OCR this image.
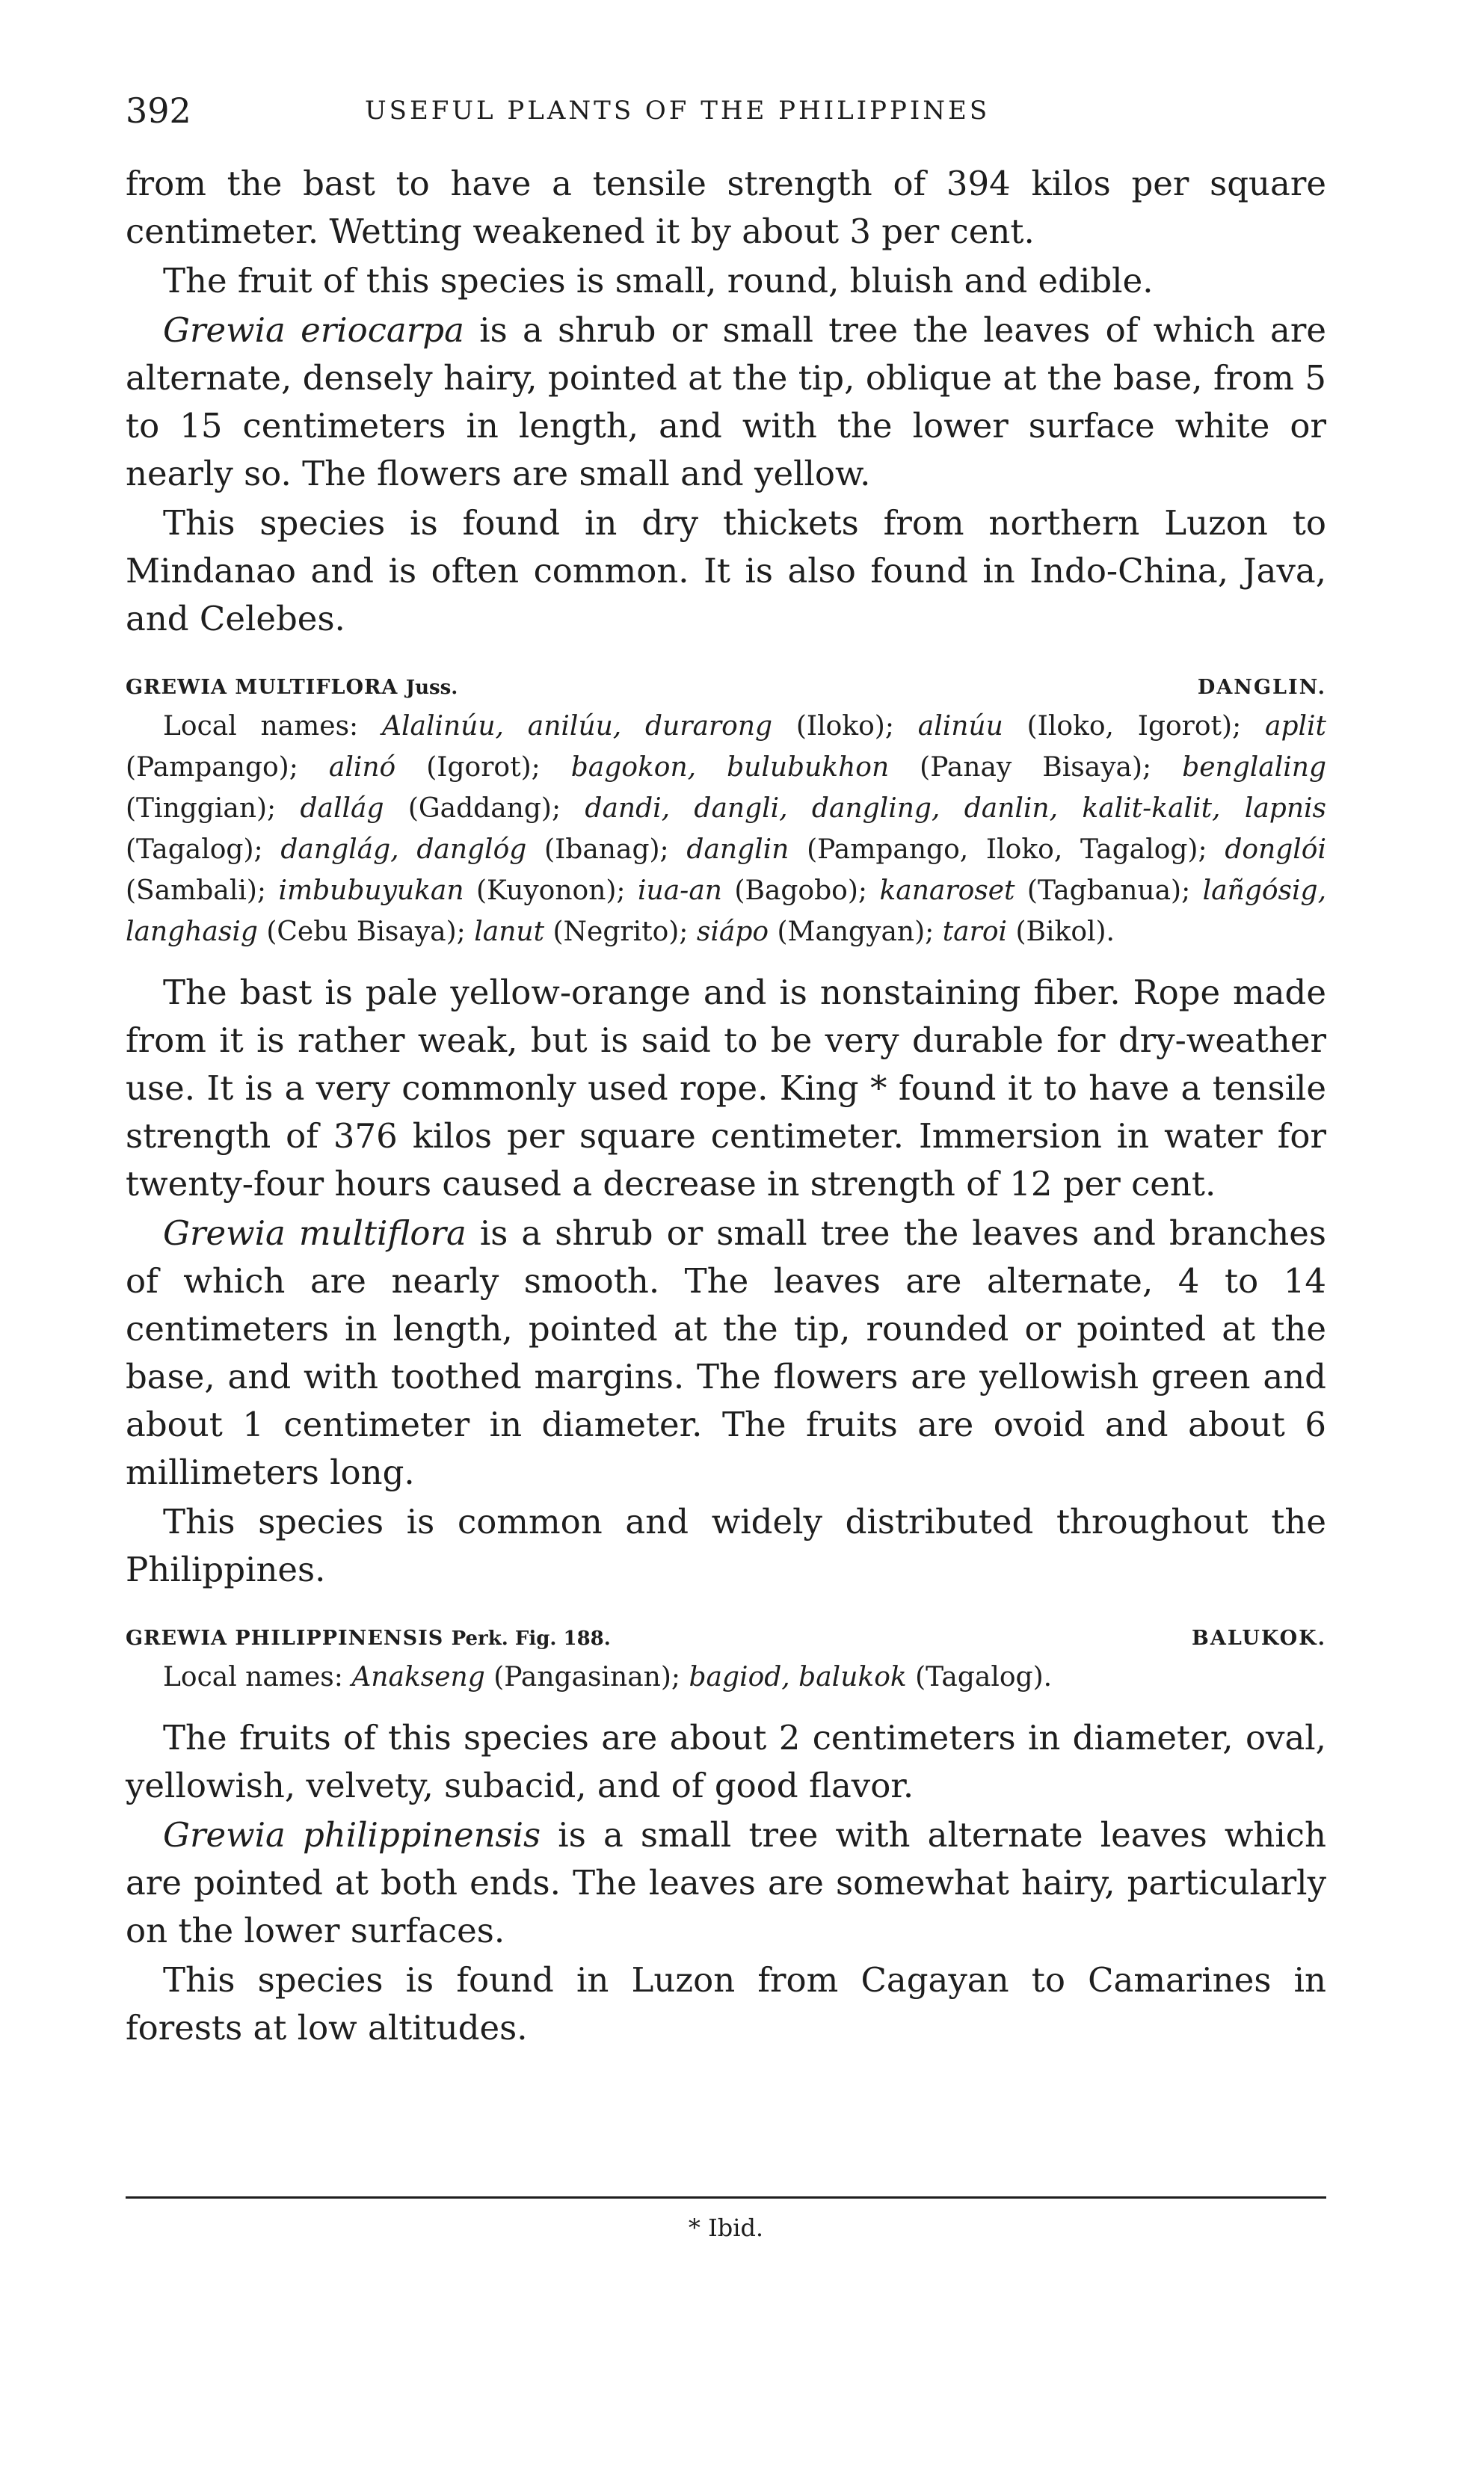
392	USEFUL PLANTS OF THE PHILIPPINES

from the bast to have a tensile strength of 394 kilos per square centimeter. Wetting weakened it by about 3 per cent.

The fruit of this species is small, round, bluish and edible.

Grewia eriocarpa is a shrub or small tree the leaves of which are alternate, densely hairy, pointed at the tip, oblique at the base, from 5 to 15 centimeters in length, and with the lower surface white or nearly so. The flowers are small and yellow.

This species is found in dry thickets from northern Luzon to Mindanao and is often common. It is also found in Indo-China, Java, and Celebes.

GREWIA MULTIFLORA Juss.	DANGLIN.

Local names: Alalinúu, anilúu, durarong (Iloko); alinúu (Iloko, Igorot); aplit (Pampango); alinó (Igorot); bagokon, bulubukhon (Panay Bisaya); benglaling (Tinggian); dallág (Gaddang); dandi, dangli, dangling, danlin, kalit-kalit, lapnis (Tagalog); danglág, danglóg (Ibanag); danglin (Pampango, Iloko, Tagalog); donglói (Sambali); imbubuyukan (Kuyonon); iua-an (Bagobo); kanaroset (Tagbanua); lañgósig, langhasig (Cebu Bisaya); lanut (Negrito); siápo (Mangyan); taroi (Bikol).

The bast is pale yellow-orange and is nonstaining fiber. Rope made from it is rather weak, but is said to be very durable for dry-weather use. It is a very commonly used rope. King * found it to have a tensile strength of 376 kilos per square centimeter. Immersion in water for twenty-four hours caused a decrease in strength of 12 per cent.

Grewia multiflora is a shrub or small tree the leaves and branches of which are nearly smooth. The leaves are alternate, 4 to 14 centimeters in length, pointed at the tip, rounded or pointed at the base, and with toothed margins. The flowers are yellowish green and about 1 centimeter in diameter. The fruits are ovoid and about 6 millimeters long.

This species is common and widely distributed throughout the Philippines.

GREWIA PHILIPPINENSIS Perk. Fig. 188.	BALUKOK.

Local names: Anakseng (Pangasinan); bagiod, balukok (Tagalog).

The fruits of this species are about 2 centimeters in diameter, oval, yellowish, velvety, subacid, and of good flavor.

Grewia philippinensis is a small tree with alternate leaves which are pointed at both ends. The leaves are somewhat hairy, particularly on the lower surfaces.

This species is found in Luzon from Cagayan to Camarines in forests at low altitudes.

* Ibid.
